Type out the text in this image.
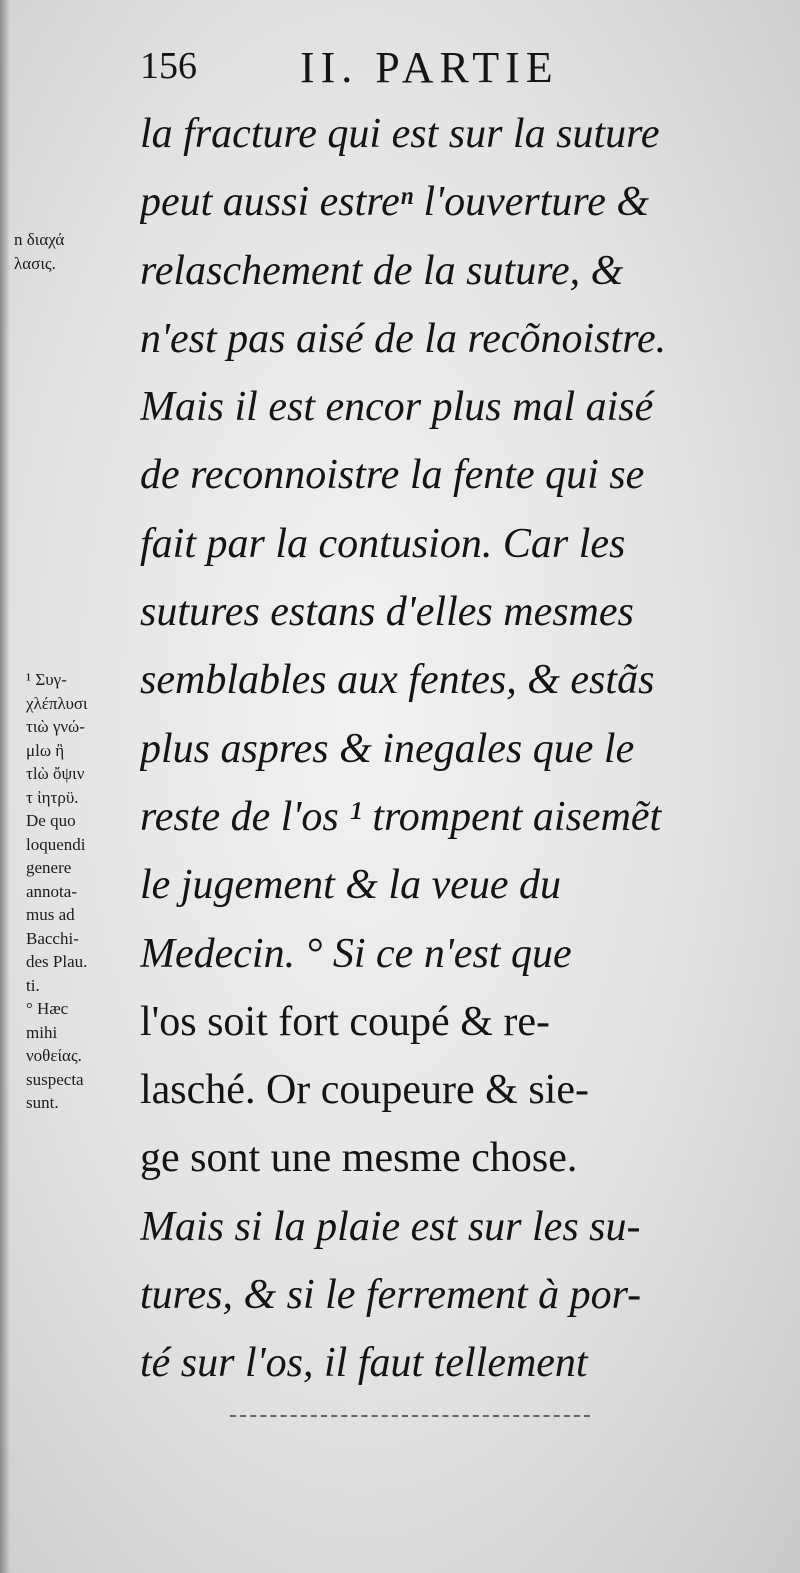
156 II. PARTIE
la fracture qui est sur la suture
peut aussi estreⁿ l'ouverture &
relaschement de la suture, &
n'est pas aisé de la recõnoistre.
Mais il est encor plus mal aisé
de reconnoistre la fente qui se
fait par la contusion. Car les
sutures estans d'elles mesmes
semblables aux fentes, & estãs
plus aspres & inegales que le
reste de l'os ¹ trompent aisemẽt
le jugement & la veue du
Medecin. ° Si ce n'est que
l'os soit fort coupé & re-
lasché. Or coupeure & sie-
ge sont une mesme chose.
Mais si la plaie est sur les su-
tures, & si le ferrement à por-
té sur l'os, il faut tellement
n διαχά
λασις.
¹ Συγ-
χλέπλυσι
τιὼ γνώ-
μlω ἢ
τlὼ ὄψιν
τ ἰητρϋ.
De quo
loquendi
genere
annota-
mus ad
Bacchi-
des Plau.
ti.
° Hæc
mihi
νοθείας.
suspecta
sunt.
